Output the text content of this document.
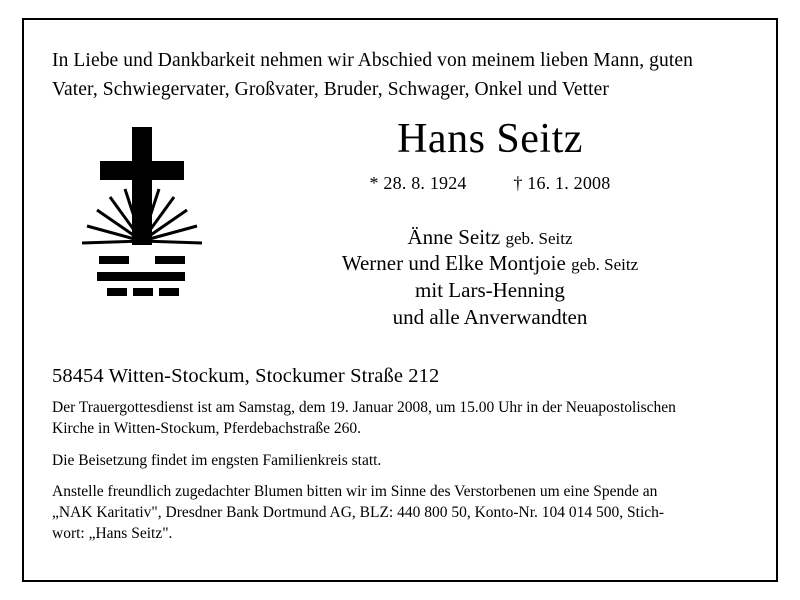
In Liebe und Dankbarkeit nehmen wir Abschied von meinem lieben Mann, guten
Vater, Schwiegervater, Großvater, Bruder, Schwager, Onkel und Vetter
Hans Seitz
* 28. 8. 1924	† 16. 1. 2008
Änne Seitz geb. Seitz
Werner und Elke Montjoie geb. Seitz
mit Lars-Henning
und alle Anverwandten
58454 Witten-Stockum, Stockumer Straße 212
Der Trauergottesdienst ist am Samstag, dem 19. Januar 2008, um 15.00 Uhr in der Neuapostolischen
Kirche in Witten-Stockum, Pferdebachstraße 260.
Die Beisetzung findet im engsten Familienkreis statt.
Anstelle freundlich zugedachter Blumen bitten wir im Sinne des Verstorbenen um eine Spende an
„NAK Karitativ", Dresdner Bank Dortmund AG, BLZ: 440 800 50, Konto-Nr. 104 014 500, Stich-
wort: „Hans Seitz".
